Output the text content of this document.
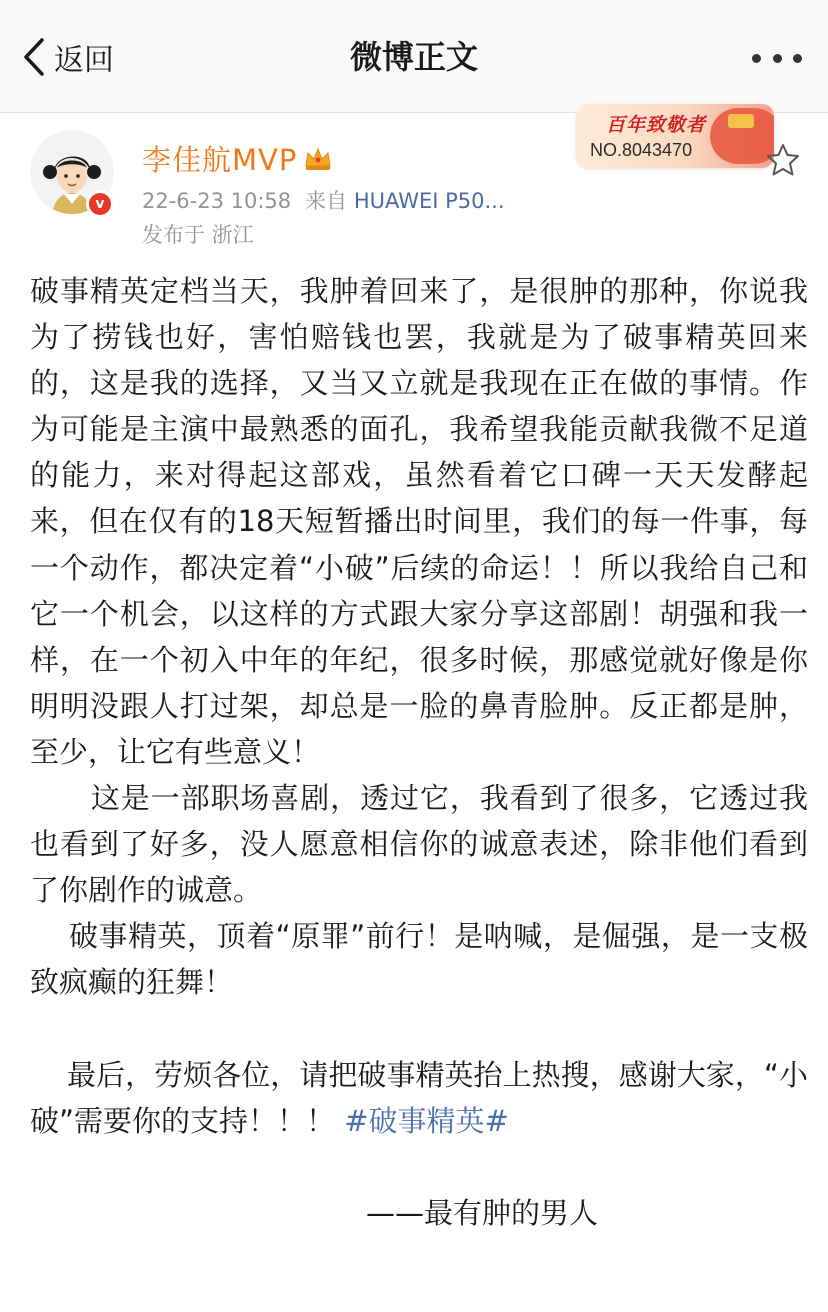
返回	微博正文
v
李佳航MVP
22-6-23 10:58 来自 HUAWEI P50...
发布于 浙江
百年致敬者
NO.8043470

破事精英定档当天，我肿着回来了，是很肿的那种，你说我为了捞钱也好，害怕赔钱也罢，我就是为了破事精英回来的，这是我的选择，又当又立就是我现在正在做的事情。作为可能是主演中最熟悉的面孔，我希望我能贡献我微不足道的能力，来对得起这部戏，虽然看着它口碑一天天发酵起来，但在仅有的18天短暂播出时间里，我们的每一件事，每一个动作，都决定着“小破”后续的命运！！所以我给自己和它一个机会，以这样的方式跟大家分享这部剧！胡强和我一样，在一个初入中年的年纪，很多时候，那感觉就好像是你明明没跟人打过架，却总是一脸的鼻青脸肿。反正都是肿，至少，让它有些意义！

这是一部职场喜剧，透过它，我看到了很多，它透过我也看到了好多，没人愿意相信你的诚意表述，除非他们看到了你剧作的诚意。

破事精英，顶着“原罪”前行！是呐喊，是倔强，是一支极致疯癫的狂舞！

最后，劳烦各位，请把破事精英抬上热搜，感谢大家，“小破”需要你的支持！！！ #破事精英#

——最有肿的男人
